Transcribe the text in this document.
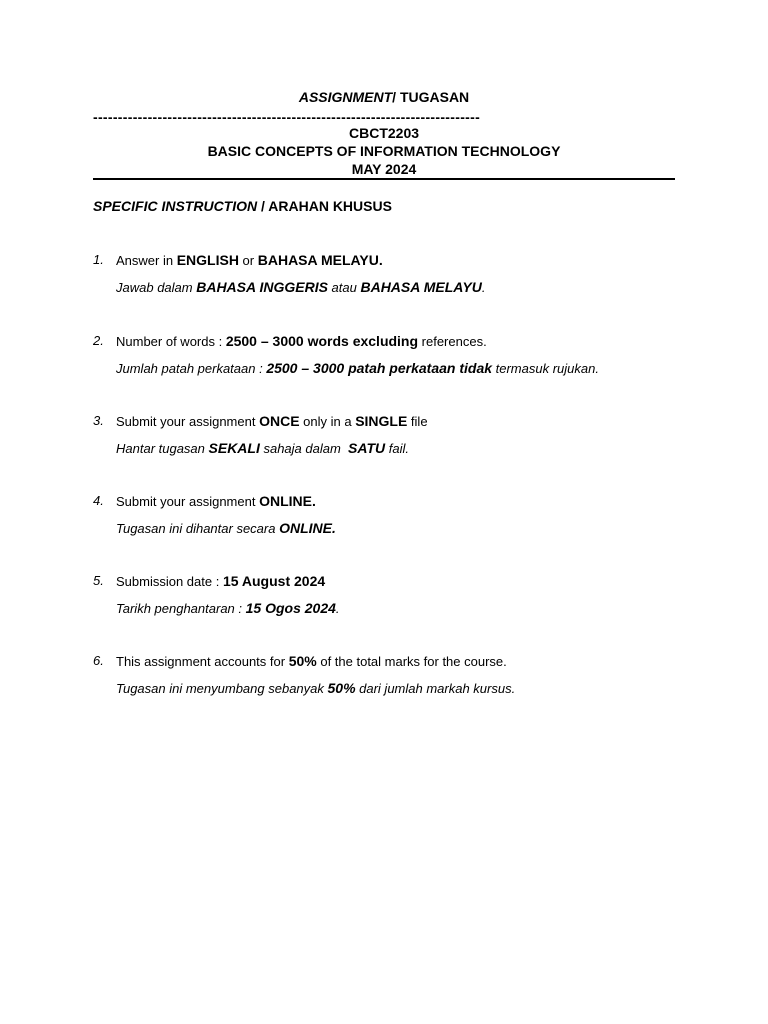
ASSIGNMENT/ TUGASAN
------------------------------------------------------------------------------
CBCT2203
BASIC CONCEPTS OF INFORMATION TECHNOLOGY
MAY 2024
SPECIFIC INSTRUCTION / ARAHAN KHUSUS
1. Answer in ENGLISH or BAHASA MELAYU.
Jawab dalam BAHASA INGGERIS atau BAHASA MELAYU.
2. Number of words : 2500 – 3000 words excluding references.
Jumlah patah perkataan : 2500 – 3000 patah perkataan tidak termasuk rujukan.
3. Submit your assignment ONCE only in a SINGLE file
Hantar tugasan SEKALI sahaja dalam  SATU fail.
4. Submit your assignment ONLINE.
Tugasan ini dihantar secara ONLINE.
5. Submission date : 15 August 2024
Tarikh penghantaran : 15 Ogos 2024.
6. This assignment accounts for 50% of the total marks for the course.
Tugasan ini menyumbang sebanyak 50% dari jumlah markah kursus.
